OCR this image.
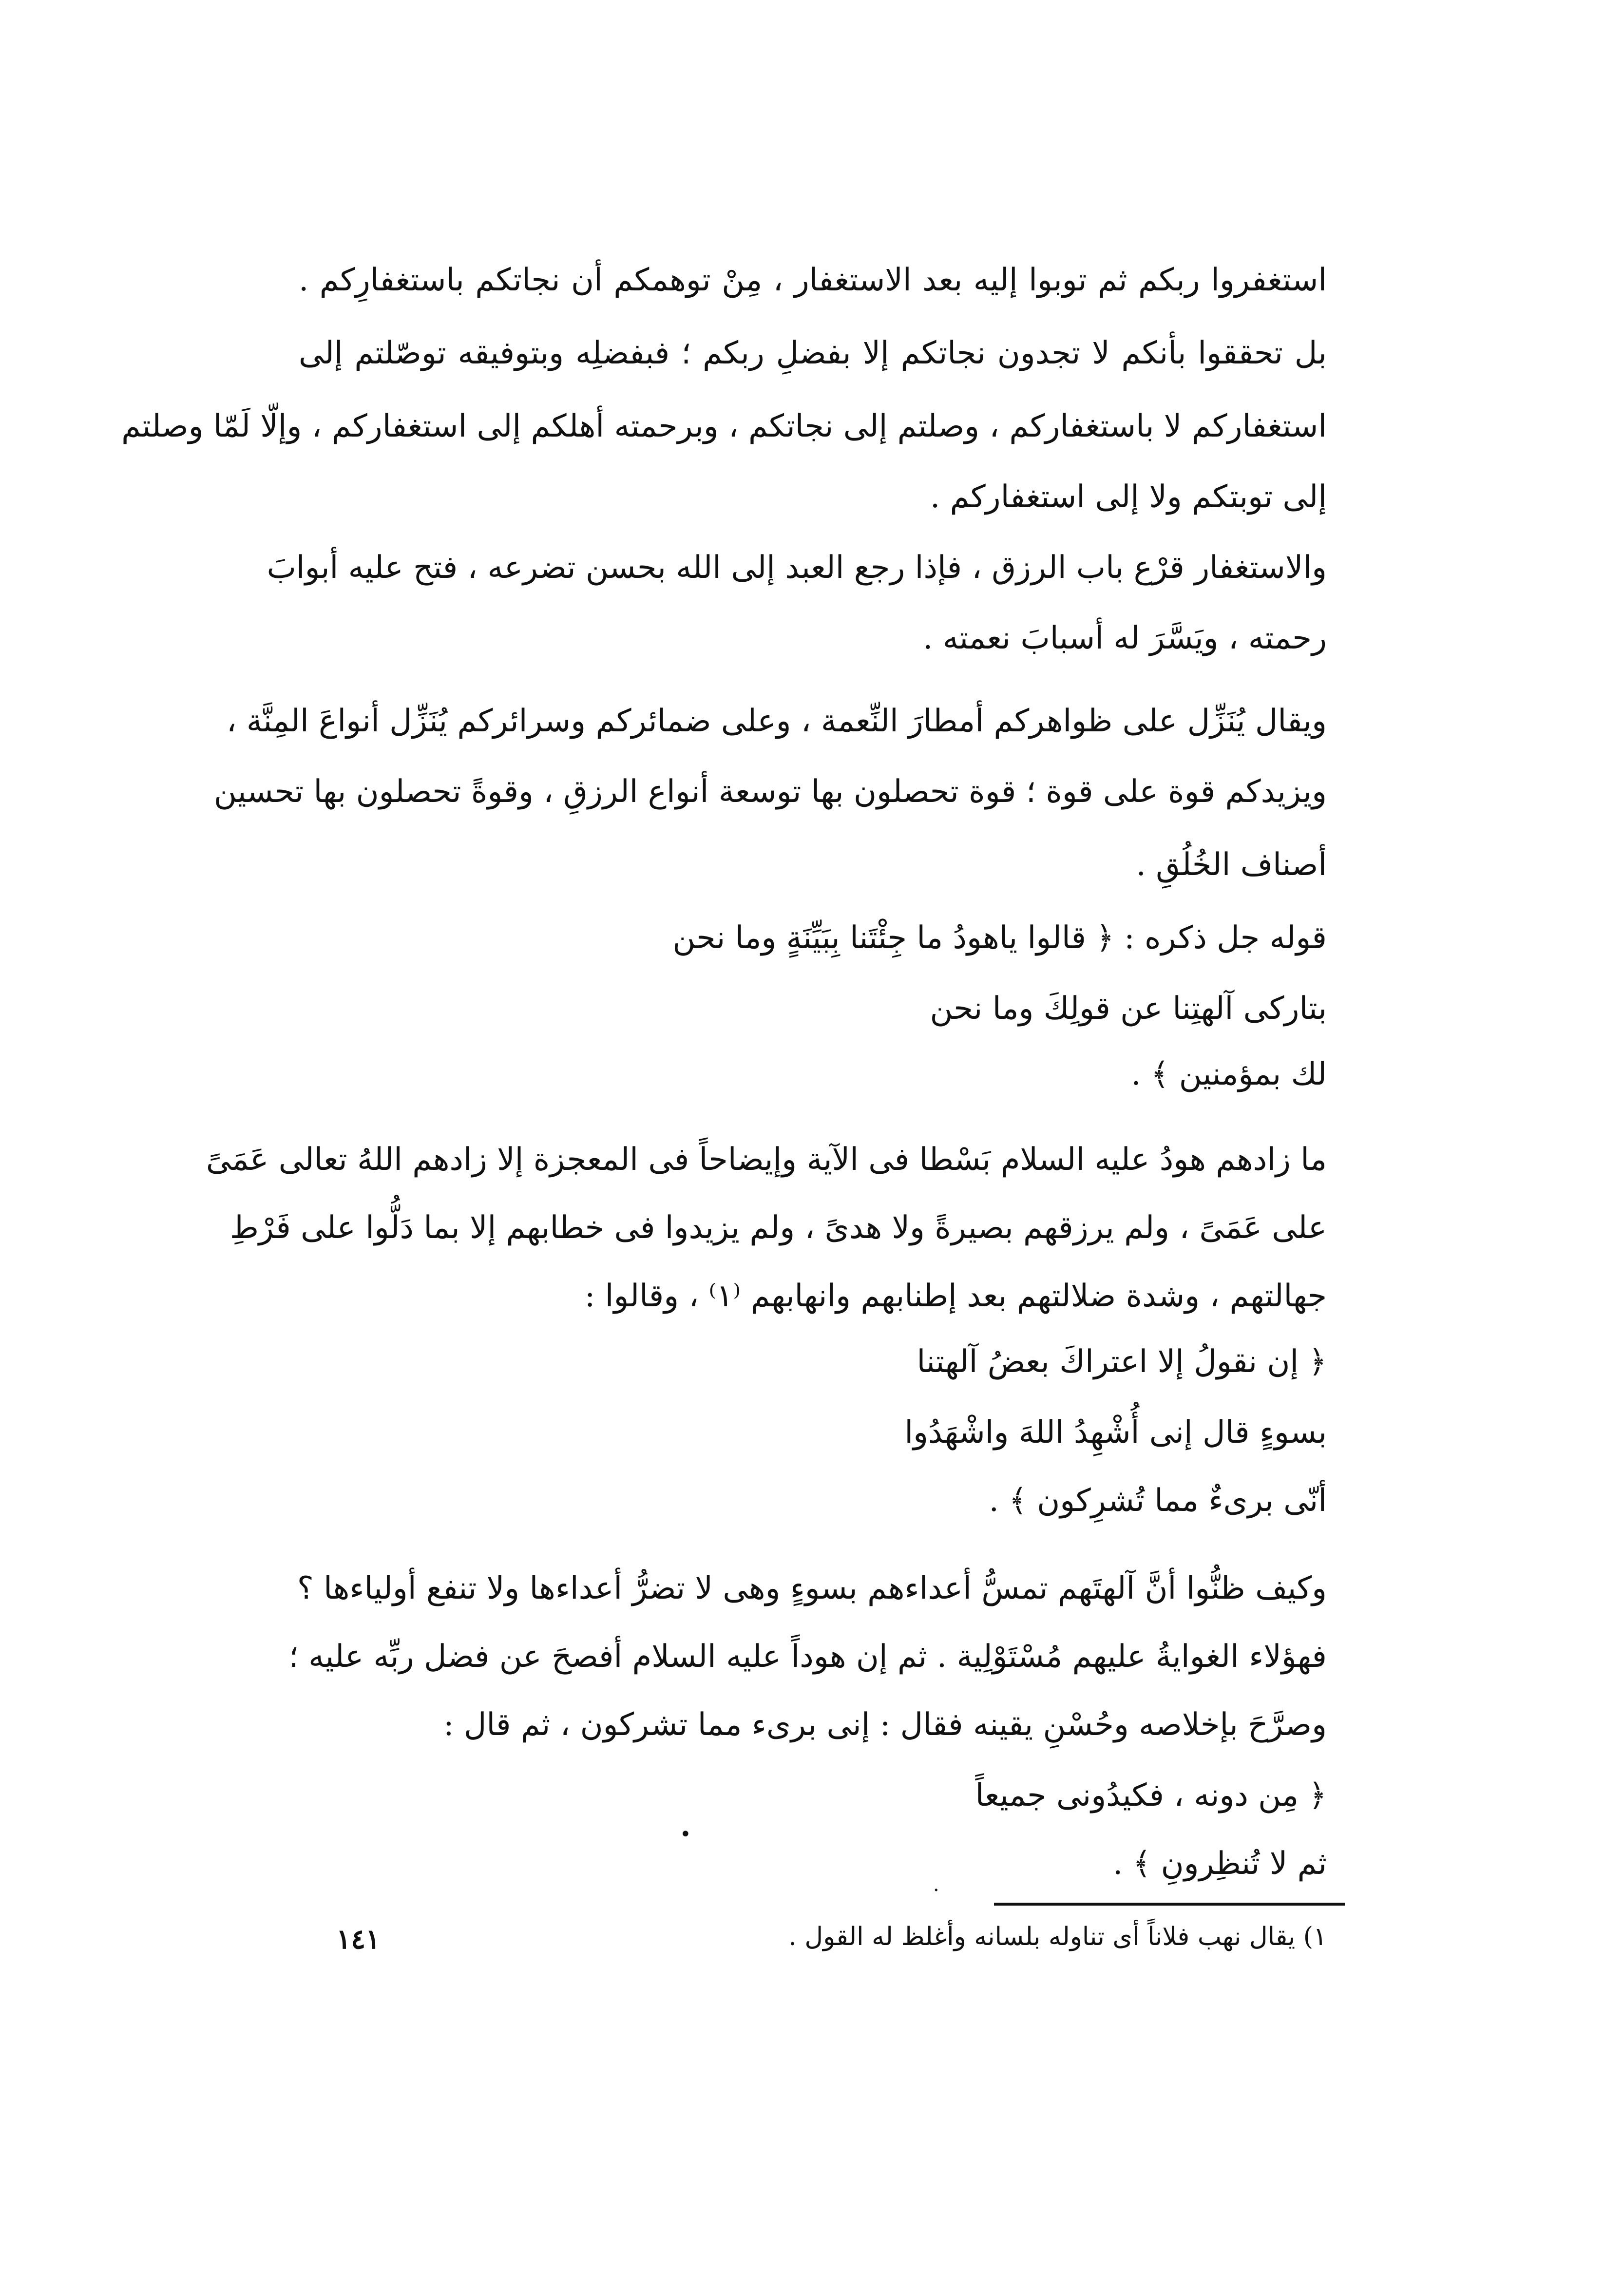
استغفروا ربكم ثم توبوا إليه بعد الاستغفار ، مِنْ توهمكم أن نجاتكم باستغفارِكم .
بل تحققوا بأنكم لا تجدون نجاتكم إلا بفضلِ ربكم ؛ فبفضلِه وبتوفيقه توصّلتم إلى
استغفاركم لا باستغفاركم ، وصلتم إلى نجاتكم ، وبرحمته أهلكم إلى استغفاركم ، وإلّا لَمّا وصلتم
إلى توبتكم ولا إلى استغفاركم .
والاستغفار قرْع باب الرزق ، فإذا رجع العبد إلى الله بحسن تضرعه ، فتح عليه أبوابَ
رحمته ، ويَسَّرَ له أسبابَ نعمته .
ويقال يُنَزِّل على ظواهركم أمطارَ النِّعمة ، وعلى ضمائركم وسرائركم يُنَزِّل أنواعَ المِنَّة ،
ويزيدكم قوة على قوة ؛ قوة تحصلون بها توسعة أنواع الرزقِ ، وقوةً تحصلون بها تحسين
أصناف الخُلُقِ .
قوله جل ذكره : ﴿ قالوا ياهودُ ما جِئْتَنا بِبَيِّنَةٍ وما نحن
بتاركى آلهتِنا عن قولِكَ وما نحن
لك بمؤمنين ﴾ .
ما زادهم هودُ عليه السلام بَسْطا فى الآية وإيضاحاً فى المعجزة إلا زادهم اللهُ تعالى عَمَىً
على عَمَىً ، ولم يرزقهم بصيرةً ولا هدىً ، ولم يزيدوا فى خطابهم إلا بما دَلُّوا على فَرْطِ
جهالتهم ، وشدة ضلالتهم بعد إطنابهم وانهابهم ⁽١⁾ ، وقالوا :
﴿ إن نقولُ إلا اعتراكَ بعضُ آلهتنا
بسوءٍ قال إنى أُشْهِدُ اللهَ واشْهَدُوا
أنّى برىءٌ مما تُشرِكون ﴾ .
وكيف ظنُّوا أنَّ آلهتَهم تمسُّ أعداءهم بسوءٍ وهى لا تضرُّ أعداءها ولا تنفع أولياءها ؟
فهؤلاء الغوايةُ عليهم مُسْتَوْلِية . ثم إن هوداً عليه السلام أفصحَ عن فضل ربِّه عليه ؛
وصرَّحَ بإخلاصه وحُسْنِ يقينه فقال : إنى برىء مما تشركون ، ثم قال :
﴿ مِن دونه ، فكيدُونى جميعاً
ثم لا تُنظِرونِ ﴾ .
•
·
١) يقال نهب فلاناً أى تناوله بلسانه وأغلظ له القول .
١٤١
